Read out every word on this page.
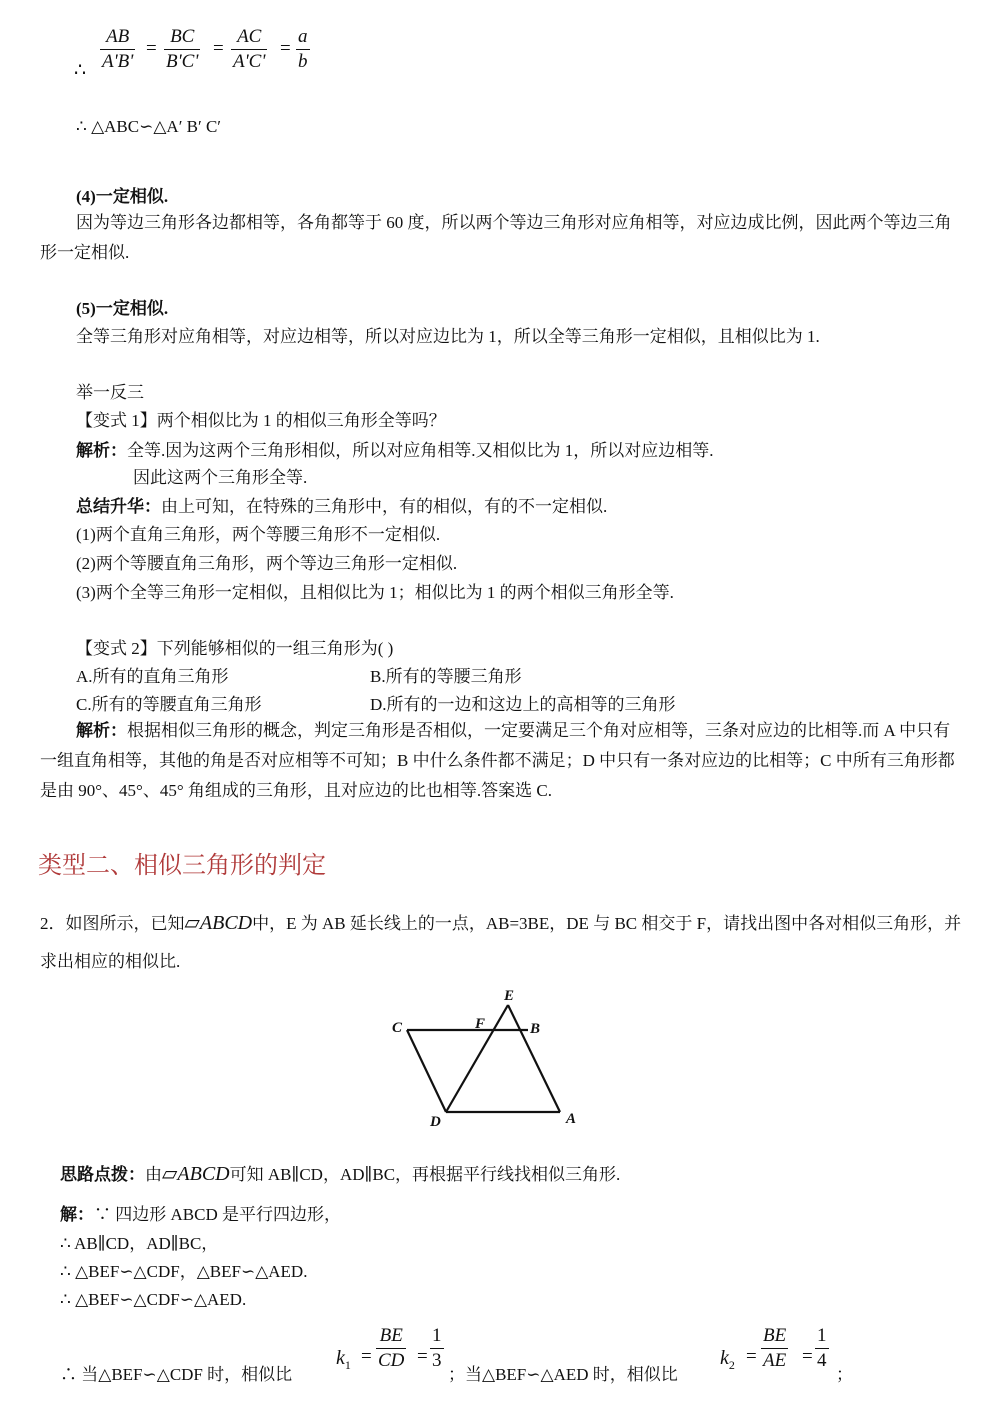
∴
AB
A'B'
=
BC
B'C'
=
AC
A'C'
=
a
b
∴ △ABC∽△A′ B′ C′
(4)一定相似.
因为等边三角形各边都相等，各角都等于 60 度，所以两个等边三角形对应角相等，对应边成比例，因此两个等边三角形一定相似.
(5)一定相似.
全等三角形对应角相等，对应边相等，所以对应边比为 1，所以全等三角形一定相似，且相似比为 1.
举一反三
【变式 1】两个相似比为 1 的相似三角形全等吗？
解析：全等.因为这两个三角形相似，所以对应角相等.又相似比为 1，所以对应边相等.
因此这两个三角形全等.
总结升华：由上可知，在特殊的三角形中，有的相似，有的不一定相似.
(1)两个直角三角形，两个等腰三角形不一定相似.
(2)两个等腰直角三角形，两个等边三角形一定相似.
(3)两个全等三角形一定相似，且相似比为 1；相似比为 1 的两个相似三角形全等.
【变式 2】下列能够相似的一组三角形为( )
A.所有的直角三角形	B.所有的等腰三角形
C.所有的等腰直角三角形	D.所有的一边和这边上的高相等的三角形
解析：根据相似三角形的概念，判定三角形是否相似，一定要满足三个角对应相等，三条对应边的比相等.而 A 中只有一组直角相等，其他的角是否对应相等不可知；B 中什么条件都不满足；D 中只有一条对应边的比相等；C 中所有三角形都是由 90°、45°、45° 角组成的三角形，且对应边的比也相等.答案选 C.
类型二、相似三角形的判定
2．如图所示，已知▱ABCD中，E 为 AB 延长线上的一点，AB=3BE，DE 与 BC 相交于 F，请找出图中各对相似三角形，并求出相应的相似比.
E
C	F	B
D	A
思路点拨：由▱ABCD可知 AB∥CD，AD∥BC，再根据平行线找相似三角形.
解：∵ 四边形 ABCD 是平行四边形，
∴ AB∥CD，AD∥BC，
∴ △BEF∽△CDF，△BEF∽△AED.
∴ △BEF∽△CDF∽△AED.
∴ 当△BEF∽△CDF 时，相似比
$k_1$ =
BE
CD =
1
3
；当△BEF∽△AED 时，相似比
$k_2$ =
BE
AE =
1
4
；
